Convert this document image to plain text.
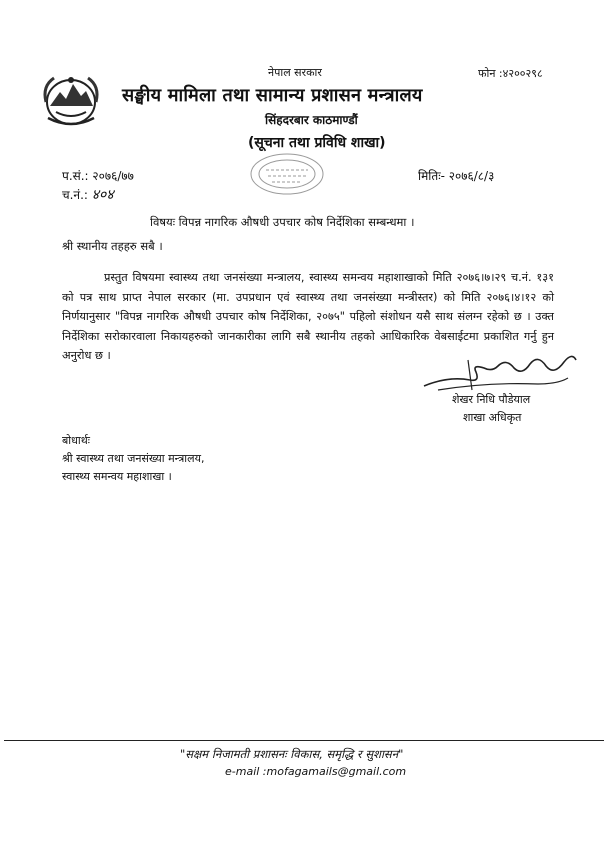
नेपाल सरकार	फोन :४२००२९८
सङ्घीय मामिला तथा सामान्य प्रशासन मन्त्रालय
सिंहदरबार काठमाण्डौं
(सूचना तथा प्रविधि शाखा)
प.सं.: २०७६/७७
च.नं.: ४०४
मितिः- २०७६/८/३
विषयः विपन्न नागरिक औषधी उपचार कोष निर्देशिका सम्बन्धमा ।
श्री स्थानीय तहहरु सबै ।
प्रस्तुत विषयमा स्वास्थ्य तथा जनसंख्या मन्त्रालय, स्वास्थ्य समन्वय महाशाखाको मिति २०७६।७।२९ च.नं. १३१ को पत्र साथ प्राप्त नेपाल सरकार (मा. उपप्रधान एवं स्वास्थ्य तथा जनसंख्या मन्त्रीस्तर) को मिति २०७६।४।१२ को निर्णयानुसार "विपन्न नागरिक औषधी उपचार कोष निर्देशिका, २०७५" पहिलो संशोधन यसै साथ संलग्न रहेको छ । उक्त निर्देशिका सरोकारवाला निकायहरुको जानकारीका लागि सबै स्थानीय तहको आधिकारिक वेबसाईटमा प्रकाशित गर्नु हुन अनुरोध छ ।
शेखर निधि पौडेयाल
शाखा अधिकृत
बोधार्थः
श्री स्वास्थ्य तथा जनसंख्या मन्त्रालय,
स्वास्थ्य समन्वय महाशाखा ।
"सक्षम निजामती प्रशासनः विकास, समृद्धि र सुशासन"
e-mail :mofagamails@gmail.com
